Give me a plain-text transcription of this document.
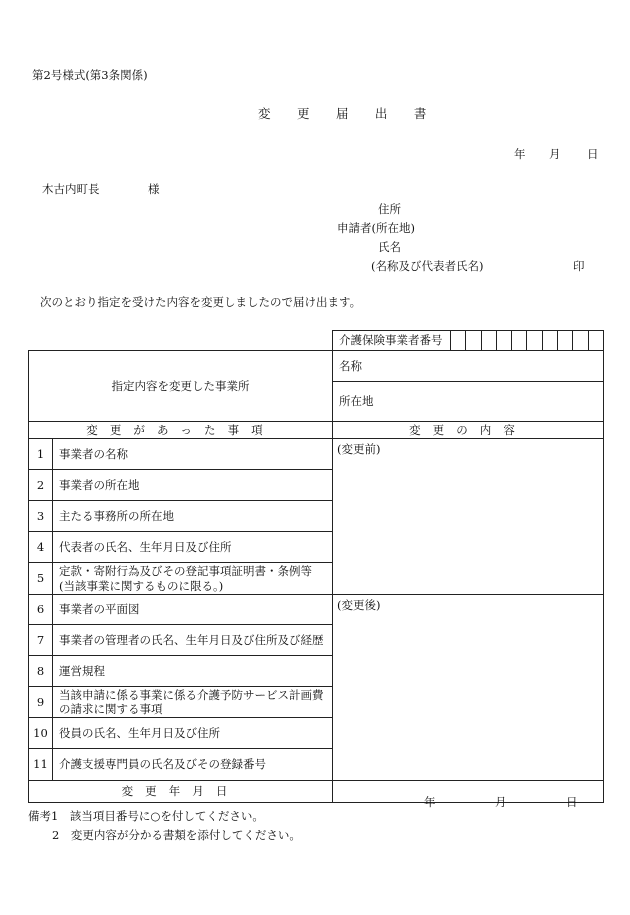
第2号様式(第3条関係)
変 更 届 出 書
年 月 日
木古内町長	様
住所
申請者(所在地)
氏名
(名称及び代表者氏名)	印
次のとおり指定を受けた内容を変更しましたので届け出ます。
介護保険事業者番号										
指定内容を変更した事業所		名称
		所在地
変更があった事項		変更の内容
1	事業者の名称	(変更前)
2	事業者の所在地	
3	主たる事務所の所在地	
4	代表者の氏名、生年月日及び住所	
5	定款・寄附行為及びその登記事項証明書・条例等
(当該事業に関するものに限る。)	

6	事業者の平面図	(変更後)
7	事業者の管理者の氏名、生年月日及び住所及び経歴	
8	運営規程	
9	当該申請に係る事業に係る介護予防サービス計画費
の請求に関する事項	

10	役員の氏名、生年月日及び住所	
11	介護支援専門員の氏名及びその登録番号	
変更年月日		年 月 日
備考1　該当項目番号に○を付してください。
2　変更内容が分かる書類を添付してください。
